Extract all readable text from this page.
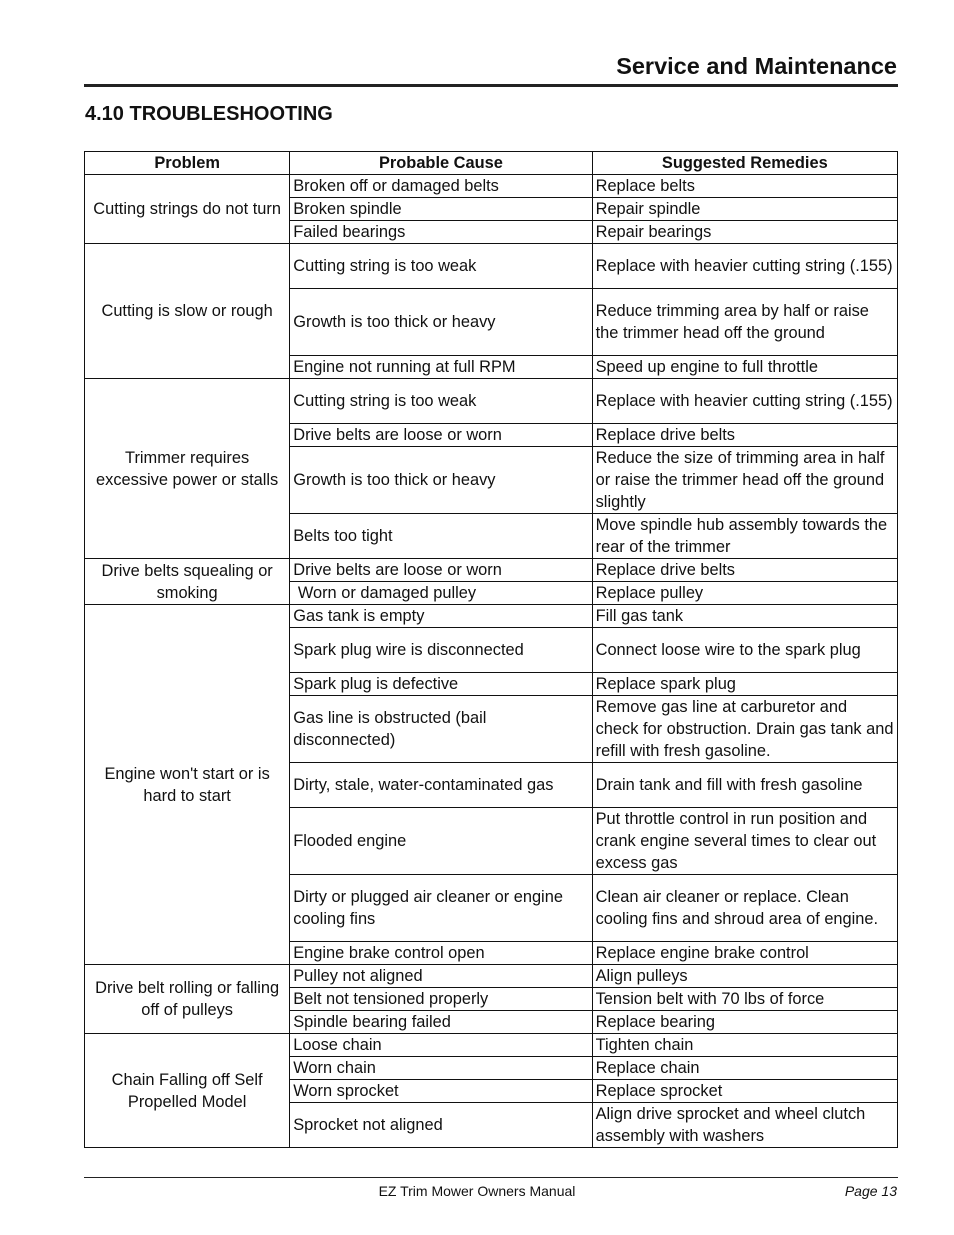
Service and Maintenance
4.10 TROUBLESHOOTING
Problem	Probable Cause	Suggested Remedies
Cutting strings do not turn	Broken off or damaged belts	Replace belts
	Broken spindle	Repair spindle
	Failed bearings	Repair bearings
Cutting is slow or rough	Cutting string is too weak	Replace with heavier cutting string (.155)
	Growth is too thick or heavy	Reduce trimming area by half or raise the trimmer head off the ground
	Engine not running at full RPM	Speed up engine to full throttle
Trimmer requires excessive power or stalls	Cutting string is too weak	Replace with heavier cutting string (.155)
	Drive belts are loose or worn	Replace drive belts
	Growth is too thick or heavy	Reduce the size of trimming area in half or raise the trimmer head off the ground slightly
	Belts too tight	Move spindle hub assembly towards the rear of the trimmer
Drive belts squealing or smoking	Drive belts are loose or worn	Replace drive belts
	Worn or damaged pulley	Replace pulley
Engine won't start or is hard to start	Gas tank is empty	Fill gas tank
	Spark plug wire is disconnected	Connect loose wire to the spark plug
	Spark plug is defective	Replace spark plug
	Gas line is obstructed (bail disconnected)	Remove gas line at carburetor and check for obstruction. Drain gas tank and refill with fresh gasoline.
	Dirty, stale, water-contaminated gas	Drain tank and fill with fresh gasoline
	Flooded engine	Put throttle control in run position and crank engine several times to clear out excess gas
	Dirty or plugged air cleaner or engine cooling fins	Clean air cleaner or replace. Clean cooling fins and shroud area of engine.
	Engine brake control open	Replace engine brake control
Drive belt rolling or falling off of pulleys	Pulley not aligned	Align pulleys
	Belt not tensioned properly	Tension belt with 70 lbs of force
	Spindle bearing failed	Replace bearing
Chain Falling off Self Propelled Model	Loose chain	Tighten chain
	Worn chain	Replace chain
	Worn sprocket	Replace sprocket
	Sprocket not aligned	Align drive sprocket and wheel clutch assembly with washers
EZ Trim Mower Owners Manual	Page 13
